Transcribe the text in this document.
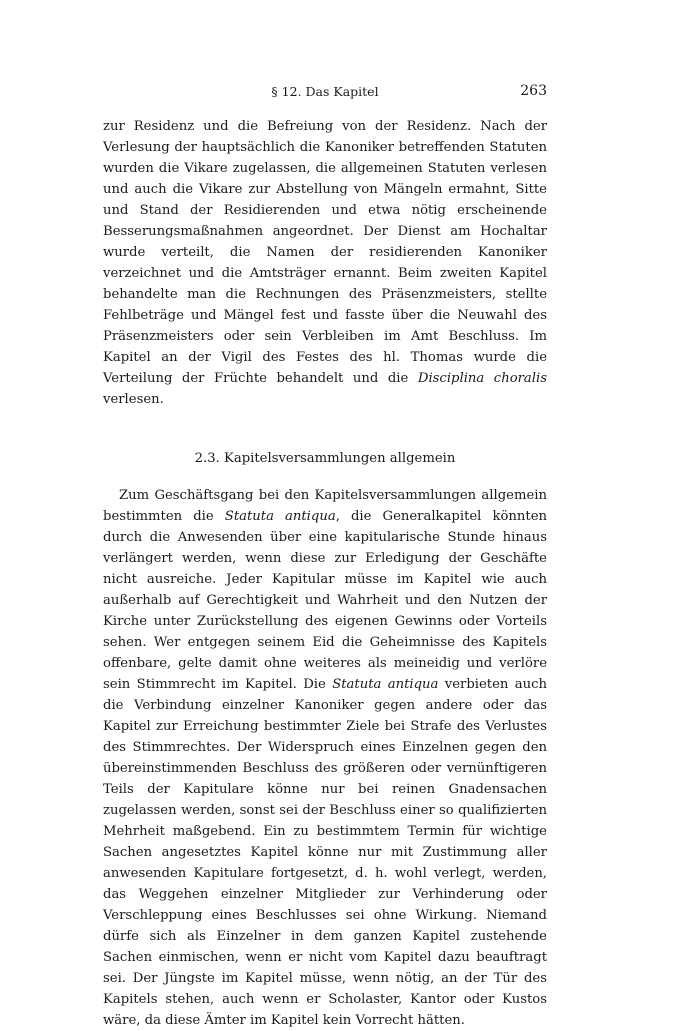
§ 12. Das Kapitel	263

zur Residenz und die Befreiung von der Residenz. Nach der Verlesung der hauptsächlich die Kanoniker betreffenden Statuten wurden die Vikare zugelassen, die allgemeinen Statuten verlesen und auch die Vikare zur Abstellung von Mängeln ermahnt, Sitte und Stand der Residierenden und etwa nötig erscheinende Besserungsmaßnahmen angeordnet. Der Dienst am Hochaltar wurde verteilt, die Namen der residierenden Kanoniker verzeichnet und die Amtsträger ernannt. Beim zweiten Kapitel behandelte man die Rechnungen des Präsenzmeisters, stellte Fehlbeträge und Mängel fest und fasste über die Neuwahl des Präsenzmeisters oder sein Verbleiben im Amt Beschluss. Im Kapitel an der Vigil des Festes des hl. Thomas wurde die Verteilung der Früchte behandelt und die Disciplina choralis verlesen.

2.3. Kapitelsversammlungen allgemein

Zum Geschäftsgang bei den Kapitelsversammlungen allgemein bestimmten die Statuta antiqua, die Generalkapitel könnten durch die Anwesenden über eine kapitularische Stunde hinaus verlängert werden, wenn diese zur Erledigung der Geschäfte nicht ausreiche. Jeder Kapitular müsse im Kapitel wie auch außerhalb auf Gerechtigkeit und Wahrheit und den Nutzen der Kirche unter Zurückstellung des eigenen Gewinns oder Vorteils sehen. Wer entgegen seinem Eid die Geheimnisse des Kapitels offenbare, gelte damit ohne weiteres als meineidig und verlöre sein Stimmrecht im Kapitel. Die Statuta antiqua verbieten auch die Verbindung einzelner Kanoniker gegen andere oder das Kapitel zur Erreichung bestimmter Ziele bei Strafe des Verlustes des Stimmrechtes. Der Widerspruch eines Einzelnen gegen den übereinstimmenden Beschluss des größeren oder vernünftigeren Teils der Kapitulare könne nur bei reinen Gnadensachen zugelassen werden, sonst sei der Beschluss einer so qualifizierten Mehrheit maßgebend. Ein zu bestimmtem Termin für wichtige Sachen angesetztes Kapitel könne nur mit Zustimmung aller anwesenden Kapitulare fortgesetzt, d. h. wohl verlegt, werden, das Weggehen einzelner Mitglieder zur Verhinderung oder Verschleppung eines Beschlusses sei ohne Wirkung. Niemand dürfe sich als Einzelner in dem ganzen Kapitel zustehende Sachen einmischen, wenn er nicht vom Kapitel dazu beauftragt sei. Der Jüngste im Kapitel müsse, wenn nötig, an der Tür des Kapitels stehen, auch wenn er Scholaster, Kantor oder Kustos wäre, da diese Ämter im Kapitel kein Vorrecht hätten.
